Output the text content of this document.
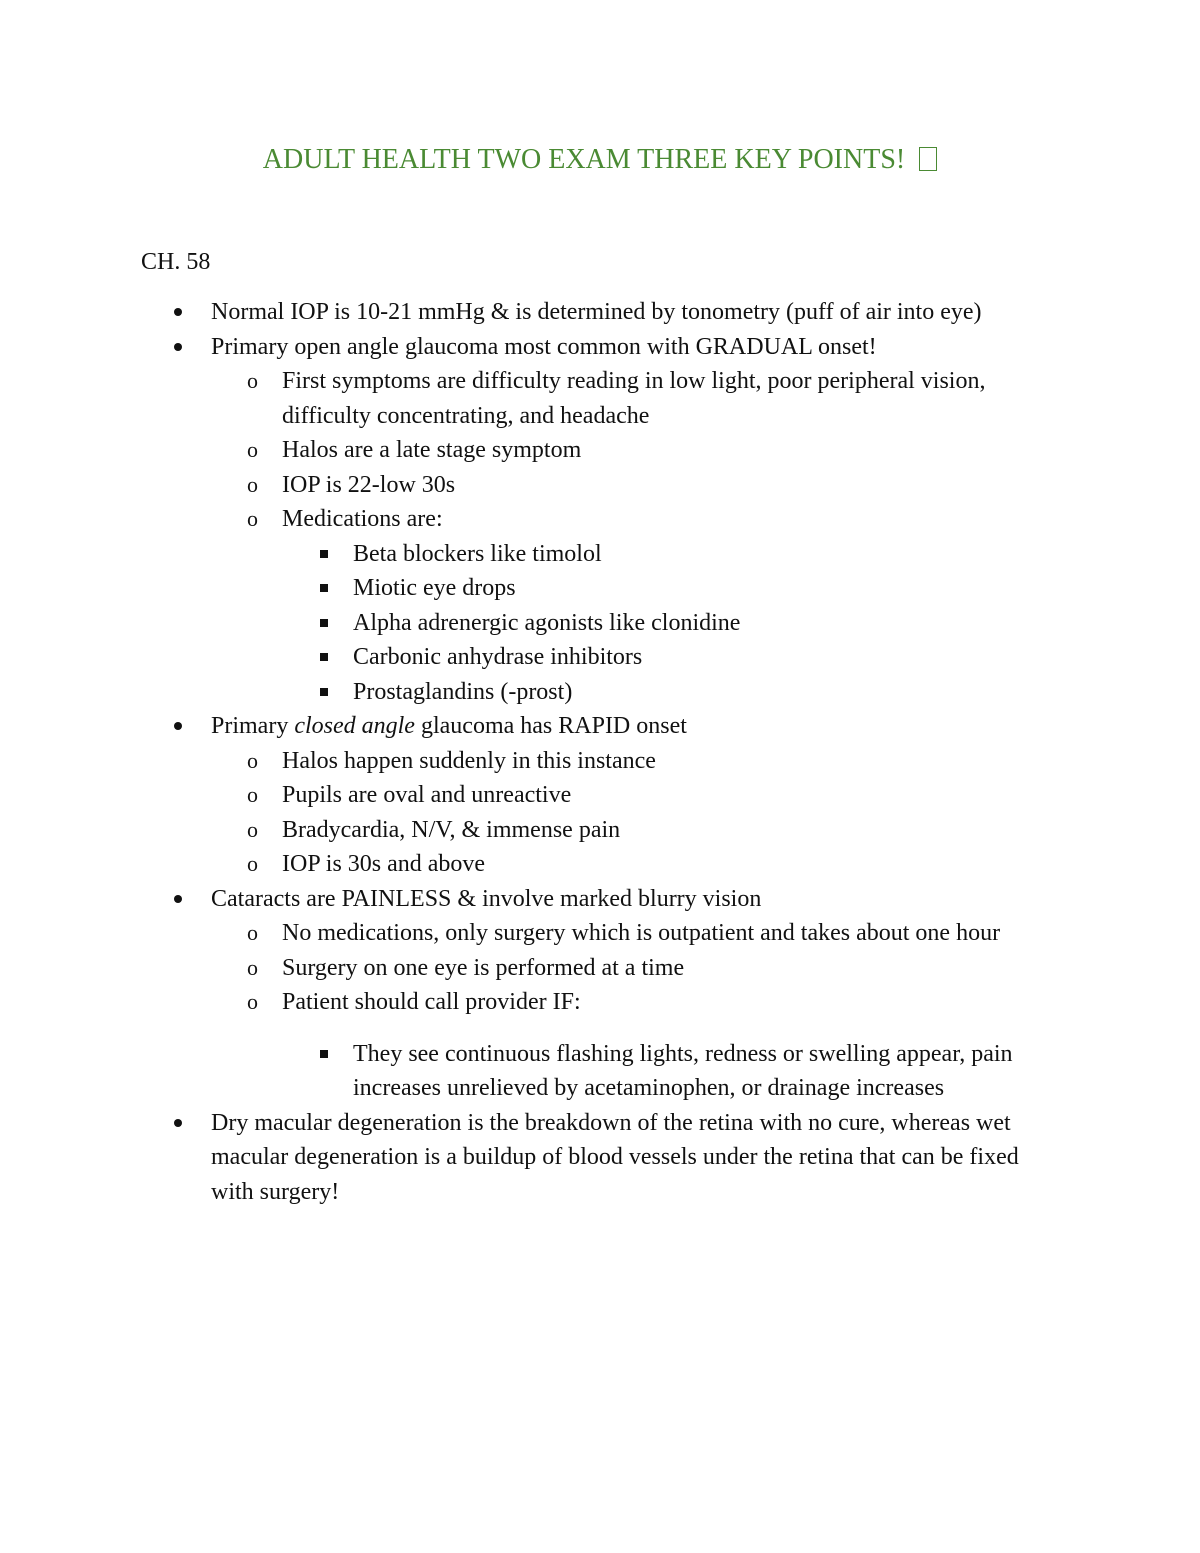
ADULT HEALTH TWO EXAM THREE KEY POINTS!

CH. 58

Normal IOP is 10-21 mmHg & is determined by tonometry (puff of air into eye)

Primary open angle glaucoma most common with GRADUAL onset!

o First symptoms are difficulty reading in low light, poor peripheral vision, difficulty concentrating, and headache

o Halos are a late stage symptom

o IOP is 22-low 30s

o Medications are:

Beta blockers like timolol

Miotic eye drops

Alpha adrenergic agonists like clonidine

Carbonic anhydrase inhibitors

Prostaglandins (-prost)

Primary closed angle glaucoma has RAPID onset

o Halos happen suddenly in this instance

o Pupils are oval and unreactive

o Bradycardia, N/V, & immense pain

o IOP is 30s and above

Cataracts are PAINLESS & involve marked blurry vision

o No medications, only surgery which is outpatient and takes about one hour

o Surgery on one eye is performed at a time

o Patient should call provider IF:

They see continuous flashing lights, redness or swelling appear, pain increases unrelieved by acetaminophen, or drainage increases

Dry macular degeneration is the breakdown of the retina with no cure, whereas wet macular degeneration is a buildup of blood vessels under the retina that can be fixed with surgery!
